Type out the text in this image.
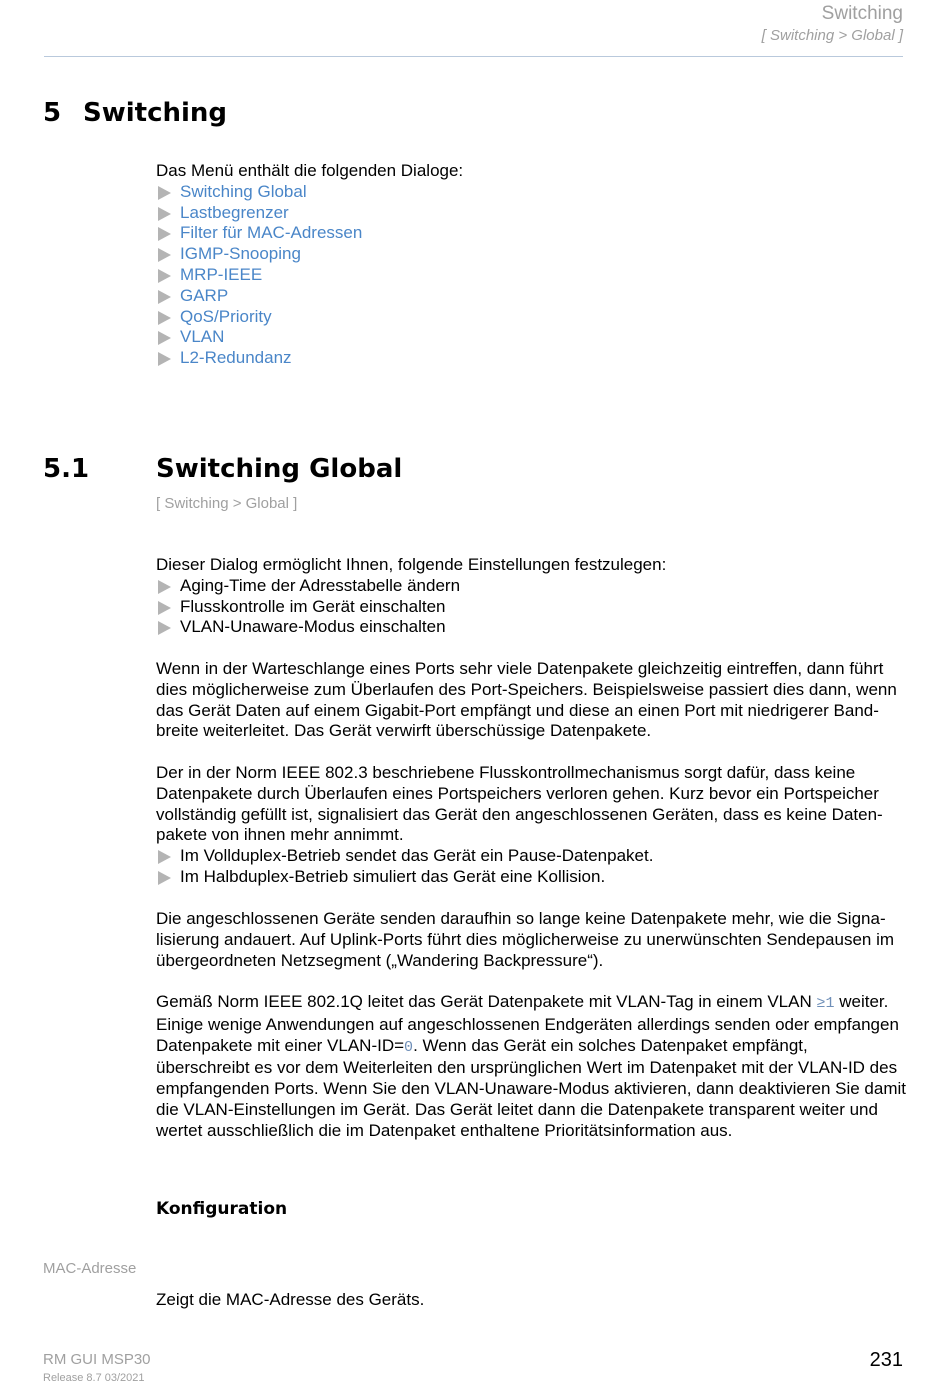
Switching
[ Switching > Global ]
5 Switching

Das Menü enthält die folgenden Dialoge:

Switching Global
Lastbegrenzer
Filter für MAC-Adressen
IGMP-Snooping
MRP-IEEE
GARP
QoS/Priority
VLAN
L2-Redundanz
5.1	Switching Global
[ Switching > Global ]

Dieser Dialog ermöglicht Ihnen, folgende Einstellungen festzulegen:

Aging-Time der Adresstabelle ändern
Flusskontrolle im Gerät einschalten
VLAN-Unaware-Modus einschalten
Wenn in der Warteschlange eines Ports sehr viele Datenpakete gleichzeitig eintreffen, dann führt dies möglicherweise zum Überlaufen des Port-Speichers. Beispielsweise passiert dies dann, wenn das Gerät Daten auf einem Gigabit-Port empfängt und diese an einen Port mit niedrigerer Bandbreite weiterleitet. Das Gerät verwirft überschüssige Datenpakete.

Der in der Norm IEEE 802.3 beschriebene Flusskontrollmechanismus sorgt dafür, dass keine Datenpakete durch Überlaufen eines Portspeichers verloren gehen. Kurz bevor ein Portspeicher vollständig gefüllt ist, signalisiert das Gerät den angeschlossenen Geräten, dass es keine Datenpakete von ihnen mehr annimmt.

Im Vollduplex-Betrieb sendet das Gerät ein Pause-Datenpaket.
Im Halbduplex-Betrieb simuliert das Gerät eine Kollision.
Die angeschlossenen Geräte senden daraufhin so lange keine Datenpakete mehr, wie die Signalisierung andauert. Auf Uplink-Ports führt dies möglicherweise zu unerwünschten Sendepausen im übergeordneten Netzsegment („Wandering Backpressure“).
Gemäß Norm IEEE 802.1Q leitet das Gerät Datenpakete mit VLAN-Tag in einem VLAN ≥1 weiter. Einige wenige Anwendungen auf angeschlossenen Endgeräten allerdings senden oder empfangen Datenpakete mit einer VLAN-ID=0. Wenn das Gerät ein solches Datenpaket empfängt, überschreibt es vor dem Weiterleiten den ursprünglichen Wert im Datenpaket mit der VLAN-ID des empfangenden Ports. Wenn Sie den VLAN-Unaware-Modus aktivieren, dann deaktivieren Sie damit die VLAN-Einstellungen im Gerät. Das Gerät leitet dann die Datenpakete transparent weiter und wertet ausschließlich die im Datenpaket enthaltene Prioritätsinformation aus.
Konfiguration
MAC-Adresse
Zeigt die MAC-Adresse des Geräts.
RM GUI MSP30
Release 8.7 03/2021
231
